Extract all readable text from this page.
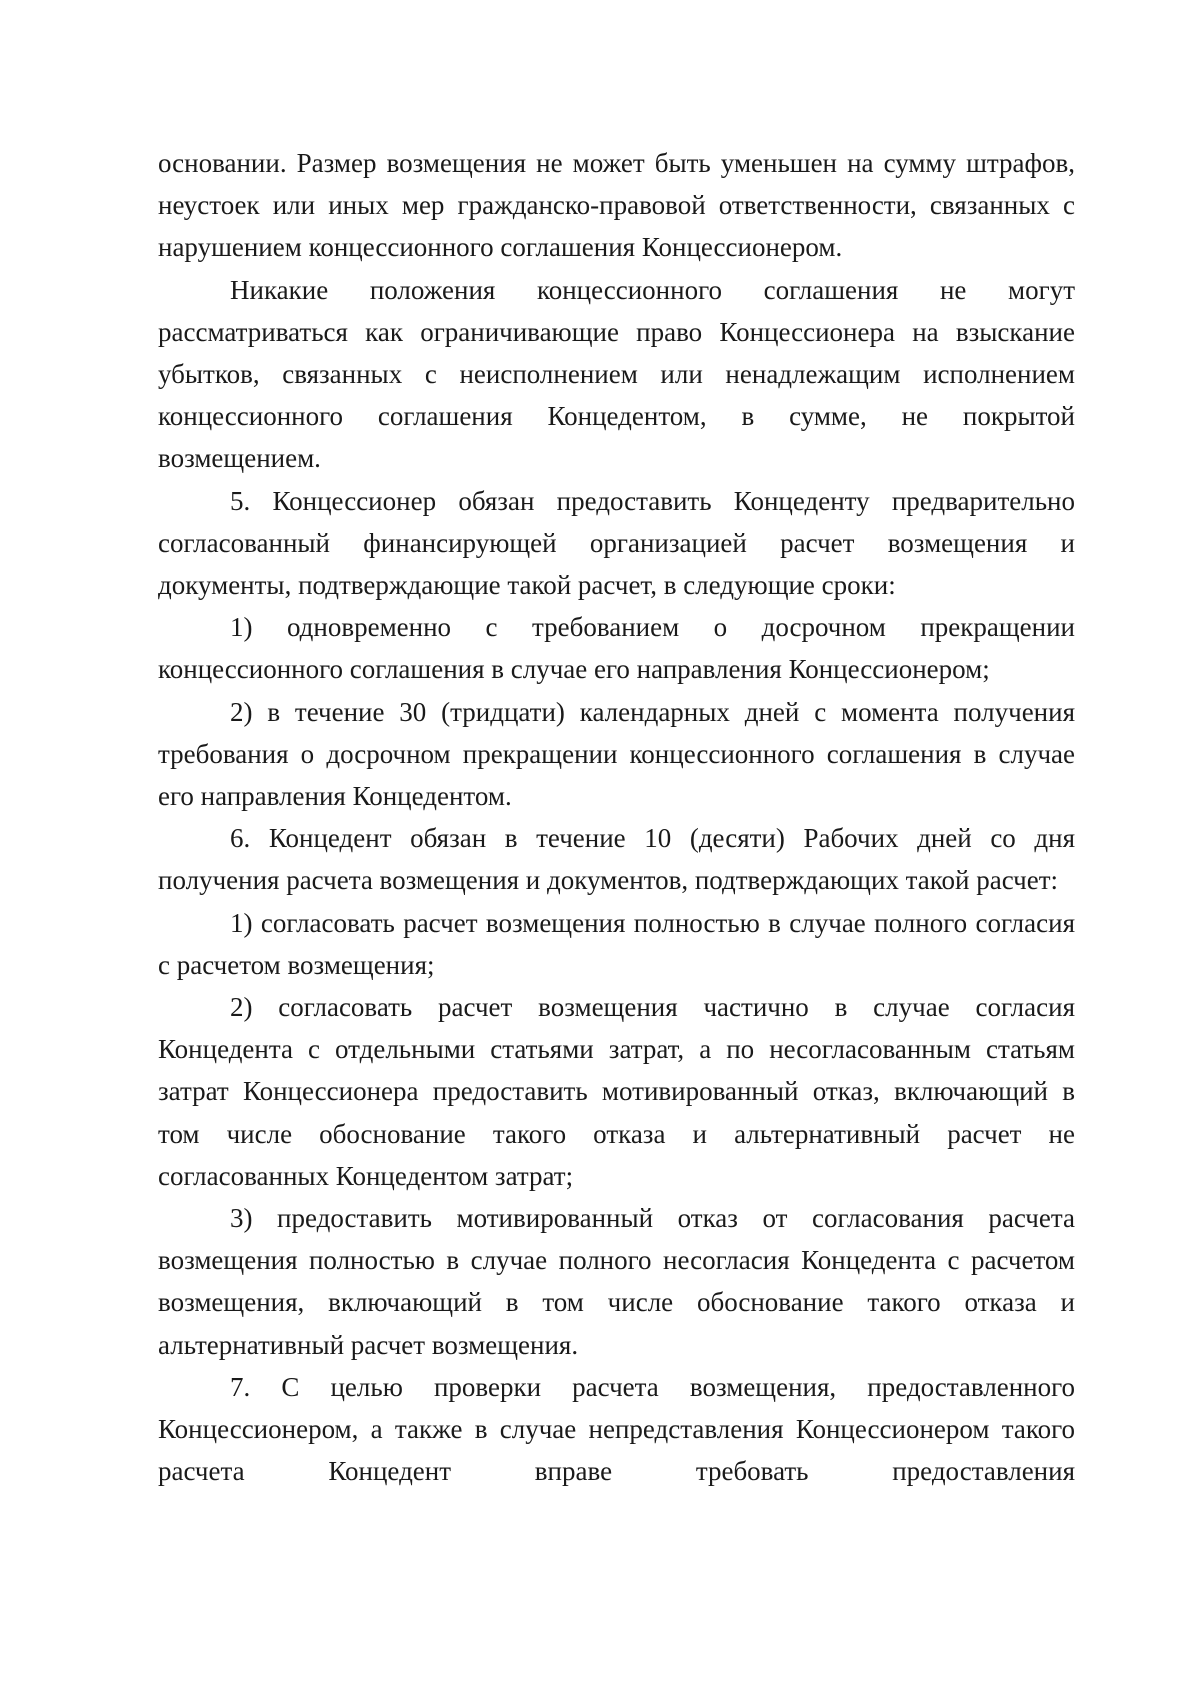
основании. Размер возмещения не может быть уменьшен на сумму штрафов, неустоек или иных мер гражданско-правовой ответственности, связанных с нарушением концессионного соглашения Концессионером.

Никакие положения концессионного соглашения не могут рассматриваться как ограничивающие право Концессионера на взыскание убытков, связанных с неисполнением или ненадлежащим исполнением концессионного соглашения Концедентом, в сумме, не покрытой возмещением.

5. Концессионер обязан предоставить Концеденту предварительно согласованный финансирующей организацией расчет возмещения и документы, подтверждающие такой расчет, в следующие сроки:

1) одновременно с требованием о досрочном прекращении концессионного соглашения в случае его направления Концессионером;

2) в течение 30 (тридцати) календарных дней с момента получения требования о досрочном прекращении концессионного соглашения в случае его направления Концедентом.

6. Концедент обязан в течение 10 (десяти) Рабочих дней со дня получения расчета возмещения и документов, подтверждающих такой расчет:

1) согласовать расчет возмещения полностью в случае полного согласия с расчетом возмещения;

2) согласовать расчет возмещения частично в случае согласия Концедента с отдельными статьями затрат, а по несогласованным статьям затрат Концессионера предоставить мотивированный отказ, включающий в том числе обоснование такого отказа и альтернативный расчет не согласованных Концедентом затрат;

3) предоставить мотивированный отказ от согласования расчета возмещения полностью в случае полного несогласия Концедента с расчетом возмещения, включающий в том числе обоснование такого отказа и альтернативный расчет возмещения.

7. С целью проверки расчета возмещения, предоставленного Концессионером, а также в случае непредставления Концессионером такого расчета Концедент вправе требовать предоставления
